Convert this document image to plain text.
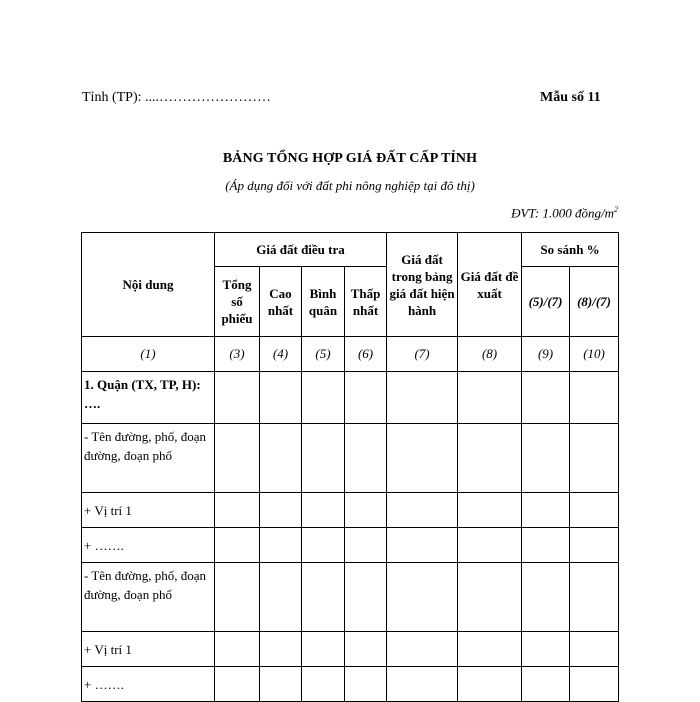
Tỉnh (TP): ....……………………	Mẫu số 11
BẢNG TỔNG HỢP GIÁ ĐẤT CẤP TỈNH
(Áp dụng đối với đất phi nông nghiệp tại đô thị)
ĐVT: 1.000 đồng/$m^2$
Nội dung	Giá đất điều tra				Giá đất trong bảng giá đất hiện hành	Giá đất đề xuất	So sánh %	
	Tổng số phiếu	Cao nhất	Bình quân	Thấp nhất			(5)/(7)	(8)/(7)
(1)	(3)	(4)	(5)	(6)	(7)	(8)	(9)	(10)
1. Quận (TX, TP, H): ….								
- Tên đường, phố, đoạn đường, đoạn phố								
+ Vị trí 1								
+ …….								
- Tên đường, phố, đoạn đường, đoạn phố								
+ Vị trí 1								
+ …….								
